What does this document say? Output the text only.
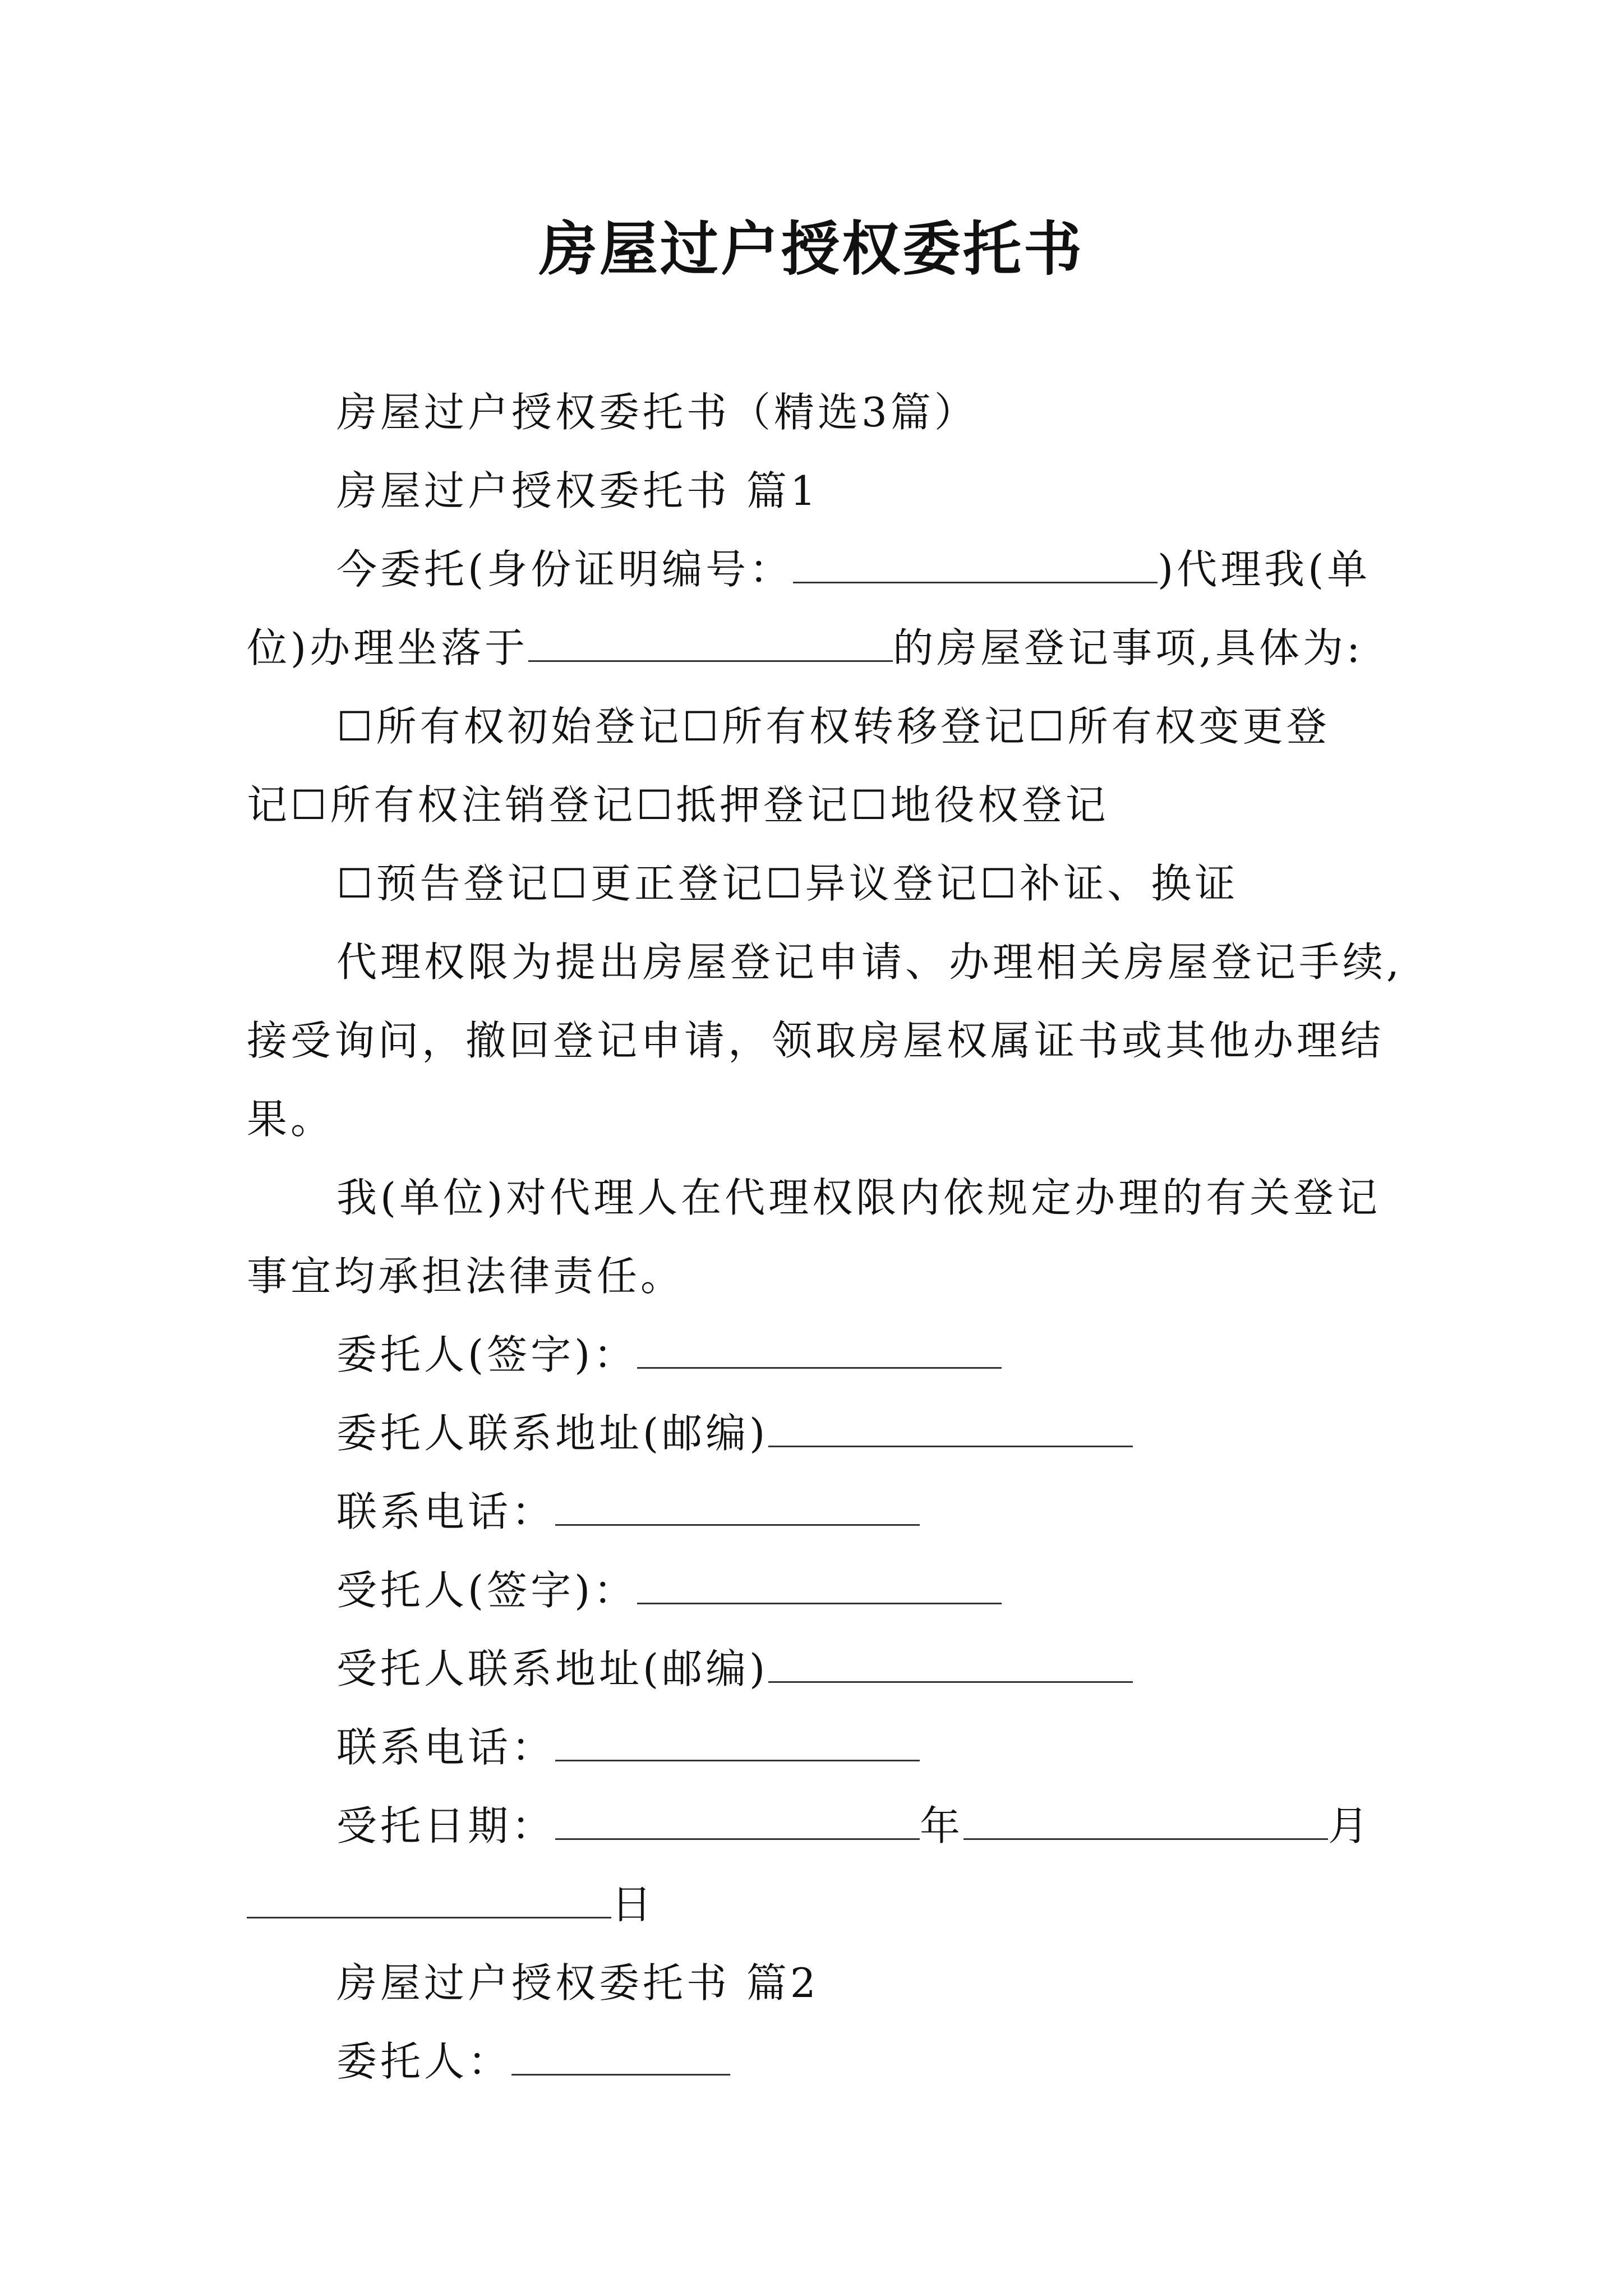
房屋过户授权委托书
房屋过户授权委托书（精选3篇）
房屋过户授权委托书 篇1
今委托(身份证明编号：	)代理我(单
位)办理坐落于	的房屋登记事项,具体为:
☐所有权初始登记☐所有权转移登记☐所有权变更登
记☐所有权注销登记☐抵押登记☐地役权登记
☐预告登记☐更正登记☐异议登记☐补证、换证
代理权限为提出房屋登记申请、办理相关房屋登记手续,
接受询问，撤回登记申请，领取房屋权属证书或其他办理结
果。
我(单位)对代理人在代理权限内依规定办理的有关登记
事宜均承担法律责任。
委托人(签字)：
委托人联系地址(邮编)
联系电话：
受托人(签字)：
受托人联系地址(邮编)
联系电话：
受托日期：	年	月
日
房屋过户授权委托书 篇2
委托人：
